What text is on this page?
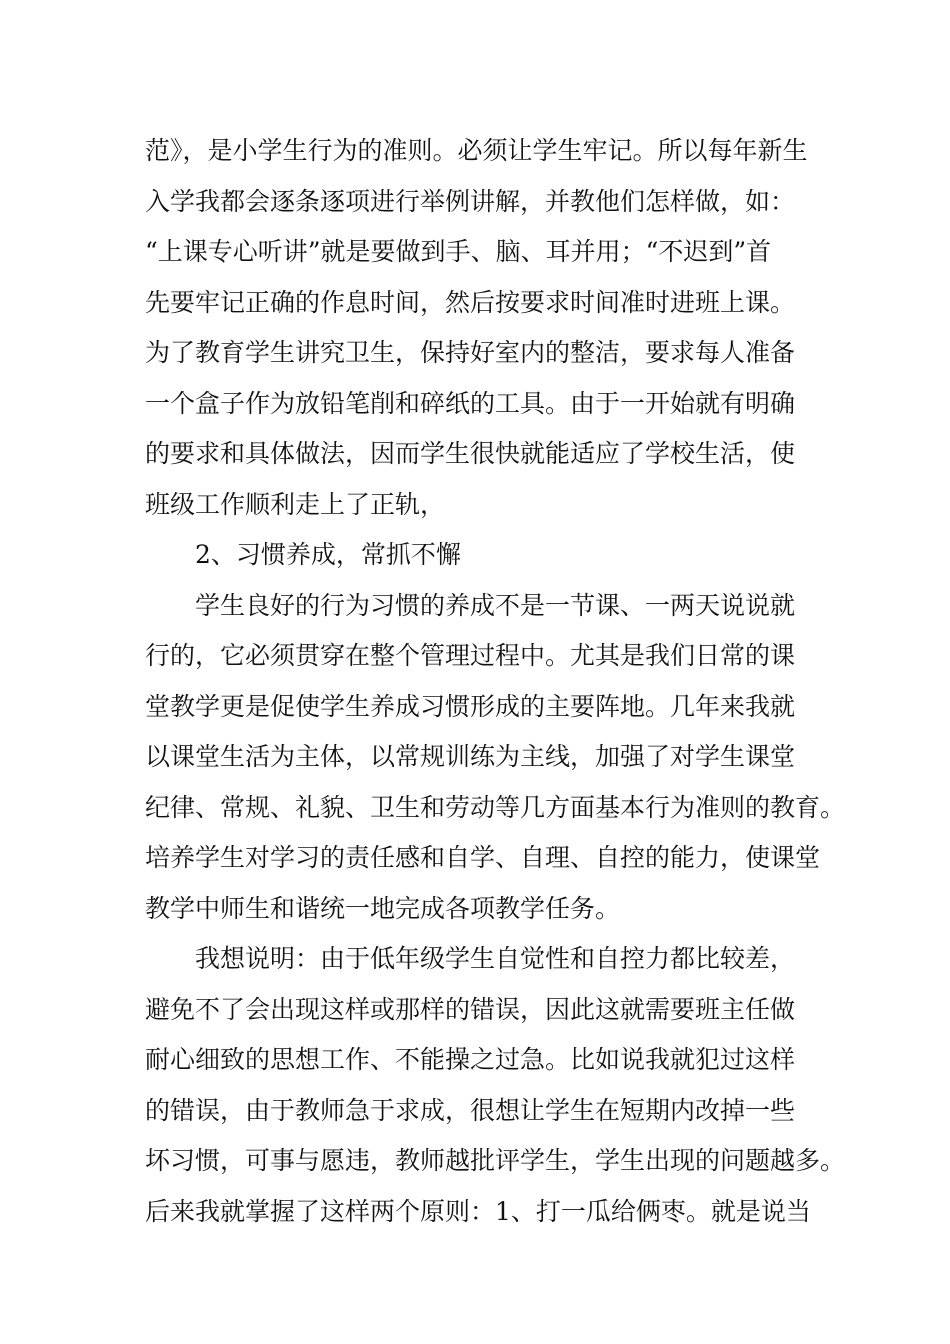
范》，是小学生行为的准则。必须让学生牢记。所以每年新生
入学我都会逐条逐项进行举例讲解，并教他们怎样做，如：
“上课专心听讲”就是要做到手、脑、耳并用；“不迟到”首
先要牢记正确的作息时间，然后按要求时间准时进班上课。
为了教育学生讲究卫生，保持好室内的整洁，要求每人准备
一个盒子作为放铅笔削和碎纸的工具。由于一开始就有明确
的要求和具体做法，因而学生很快就能适应了学校生活，使
班级工作顺利走上了正轨，
2、习惯养成，常抓不懈
学生良好的行为习惯的养成不是一节课、一两天说说就
行的，它必须贯穿在整个管理过程中。尤其是我们日常的课
堂教学更是促使学生养成习惯形成的主要阵地。几年来我就
以课堂生活为主体，以常规训练为主线，加强了对学生课堂
纪律、常规、礼貌、卫生和劳动等几方面基本行为准则的教育。
培养学生对学习的责任感和自学、自理、自控的能力，使课堂
教学中师生和谐统一地完成各项教学任务。
我想说明：由于低年级学生自觉性和自控力都比较差，
避免不了会出现这样或那样的错误，因此这就需要班主任做
耐心细致的思想工作、不能操之过急。比如说我就犯过这样
的错误，由于教师急于求成，很想让学生在短期内改掉一些
坏习惯，可事与愿违，教师越批评学生，学生出现的问题越多。
后来我就掌握了这样两个原则：1、打一瓜给俩枣。就是说当
